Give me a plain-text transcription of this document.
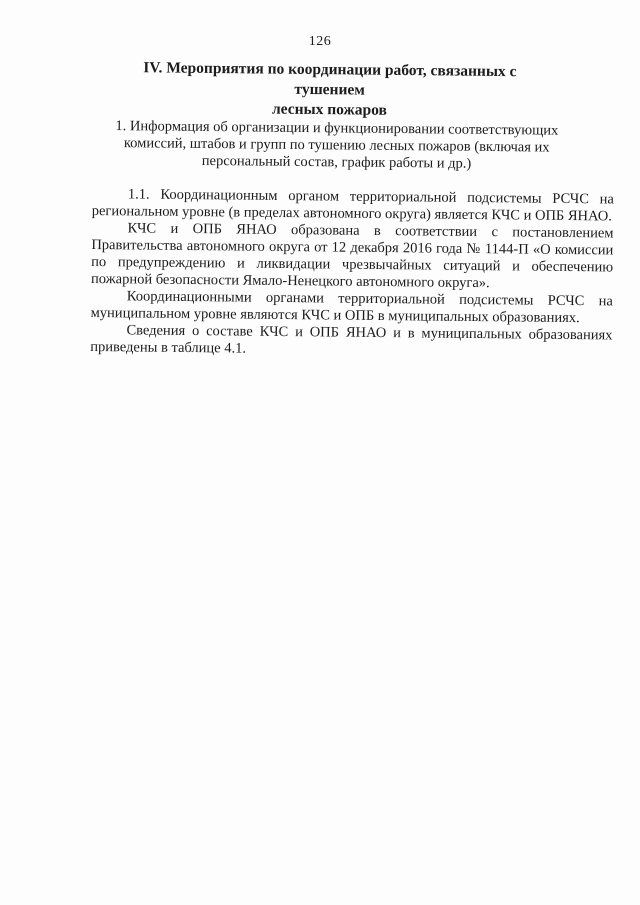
126
IV. Мероприятия по координации работ, связанных с тушением
лесных пожаров
1. Информация об организации и функционировании соответствующих комиссий, штабов и групп по тушению лесных пожаров (включая их персональный состав, график работы и др.)

1.1. Координационным органом территориальной подсистемы РСЧС на региональном уровне (в пределах автономного округа) является КЧС и ОПБ ЯНАО.

КЧС и ОПБ ЯНАО образована в соответствии с постановлением Правительства автономного округа от 12 декабря 2016 года № 1144-П «О комиссии по предупреждению и ликвидации чрезвычайных ситуаций и обеспечению пожарной безопасности Ямало-Ненецкого автономного округа».

Координационными органами территориальной подсистемы РСЧС на муниципальном уровне являются КЧС и ОПБ в муниципальных образованиях.

Сведения о составе КЧС и ОПБ ЯНАО и в муниципальных образованиях приведены в таблице 4.1.
